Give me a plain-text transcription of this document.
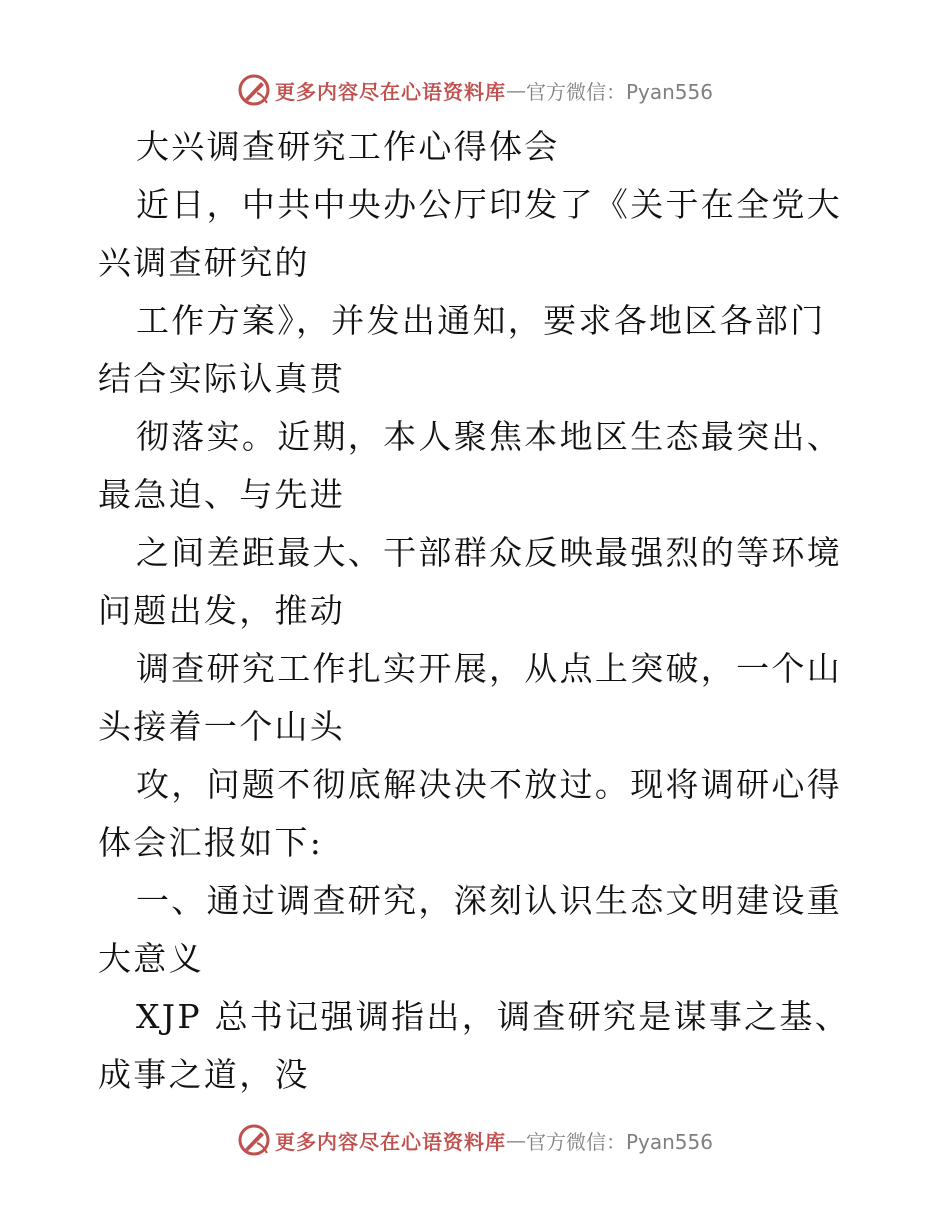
更多内容尽在心语资料库 — 官方微信：Pyan556

大兴调查研究工作心得体会

近日，中共中央办公厅印发了《关于在全党大兴调查研究的

工作方案》，并发出通知，要求各地区各部门结合实际认真贯

彻落实。近期，本人聚焦本地区生态最突出、最急迫、与先进

之间差距最大、干部群众反映最强烈的等环境问题出发，推动

调查研究工作扎实开展，从点上突破，一个山头接着一个山头

攻，问题不彻底解决决不放过。现将调研心得体会汇报如下:

一、通过调查研究，深刻认识生态文明建设重大意义

XJP 总书记强调指出，调查研究是谋事之基、成事之道，没

更多内容尽在心语资料库 — 官方微信：Pyan556
